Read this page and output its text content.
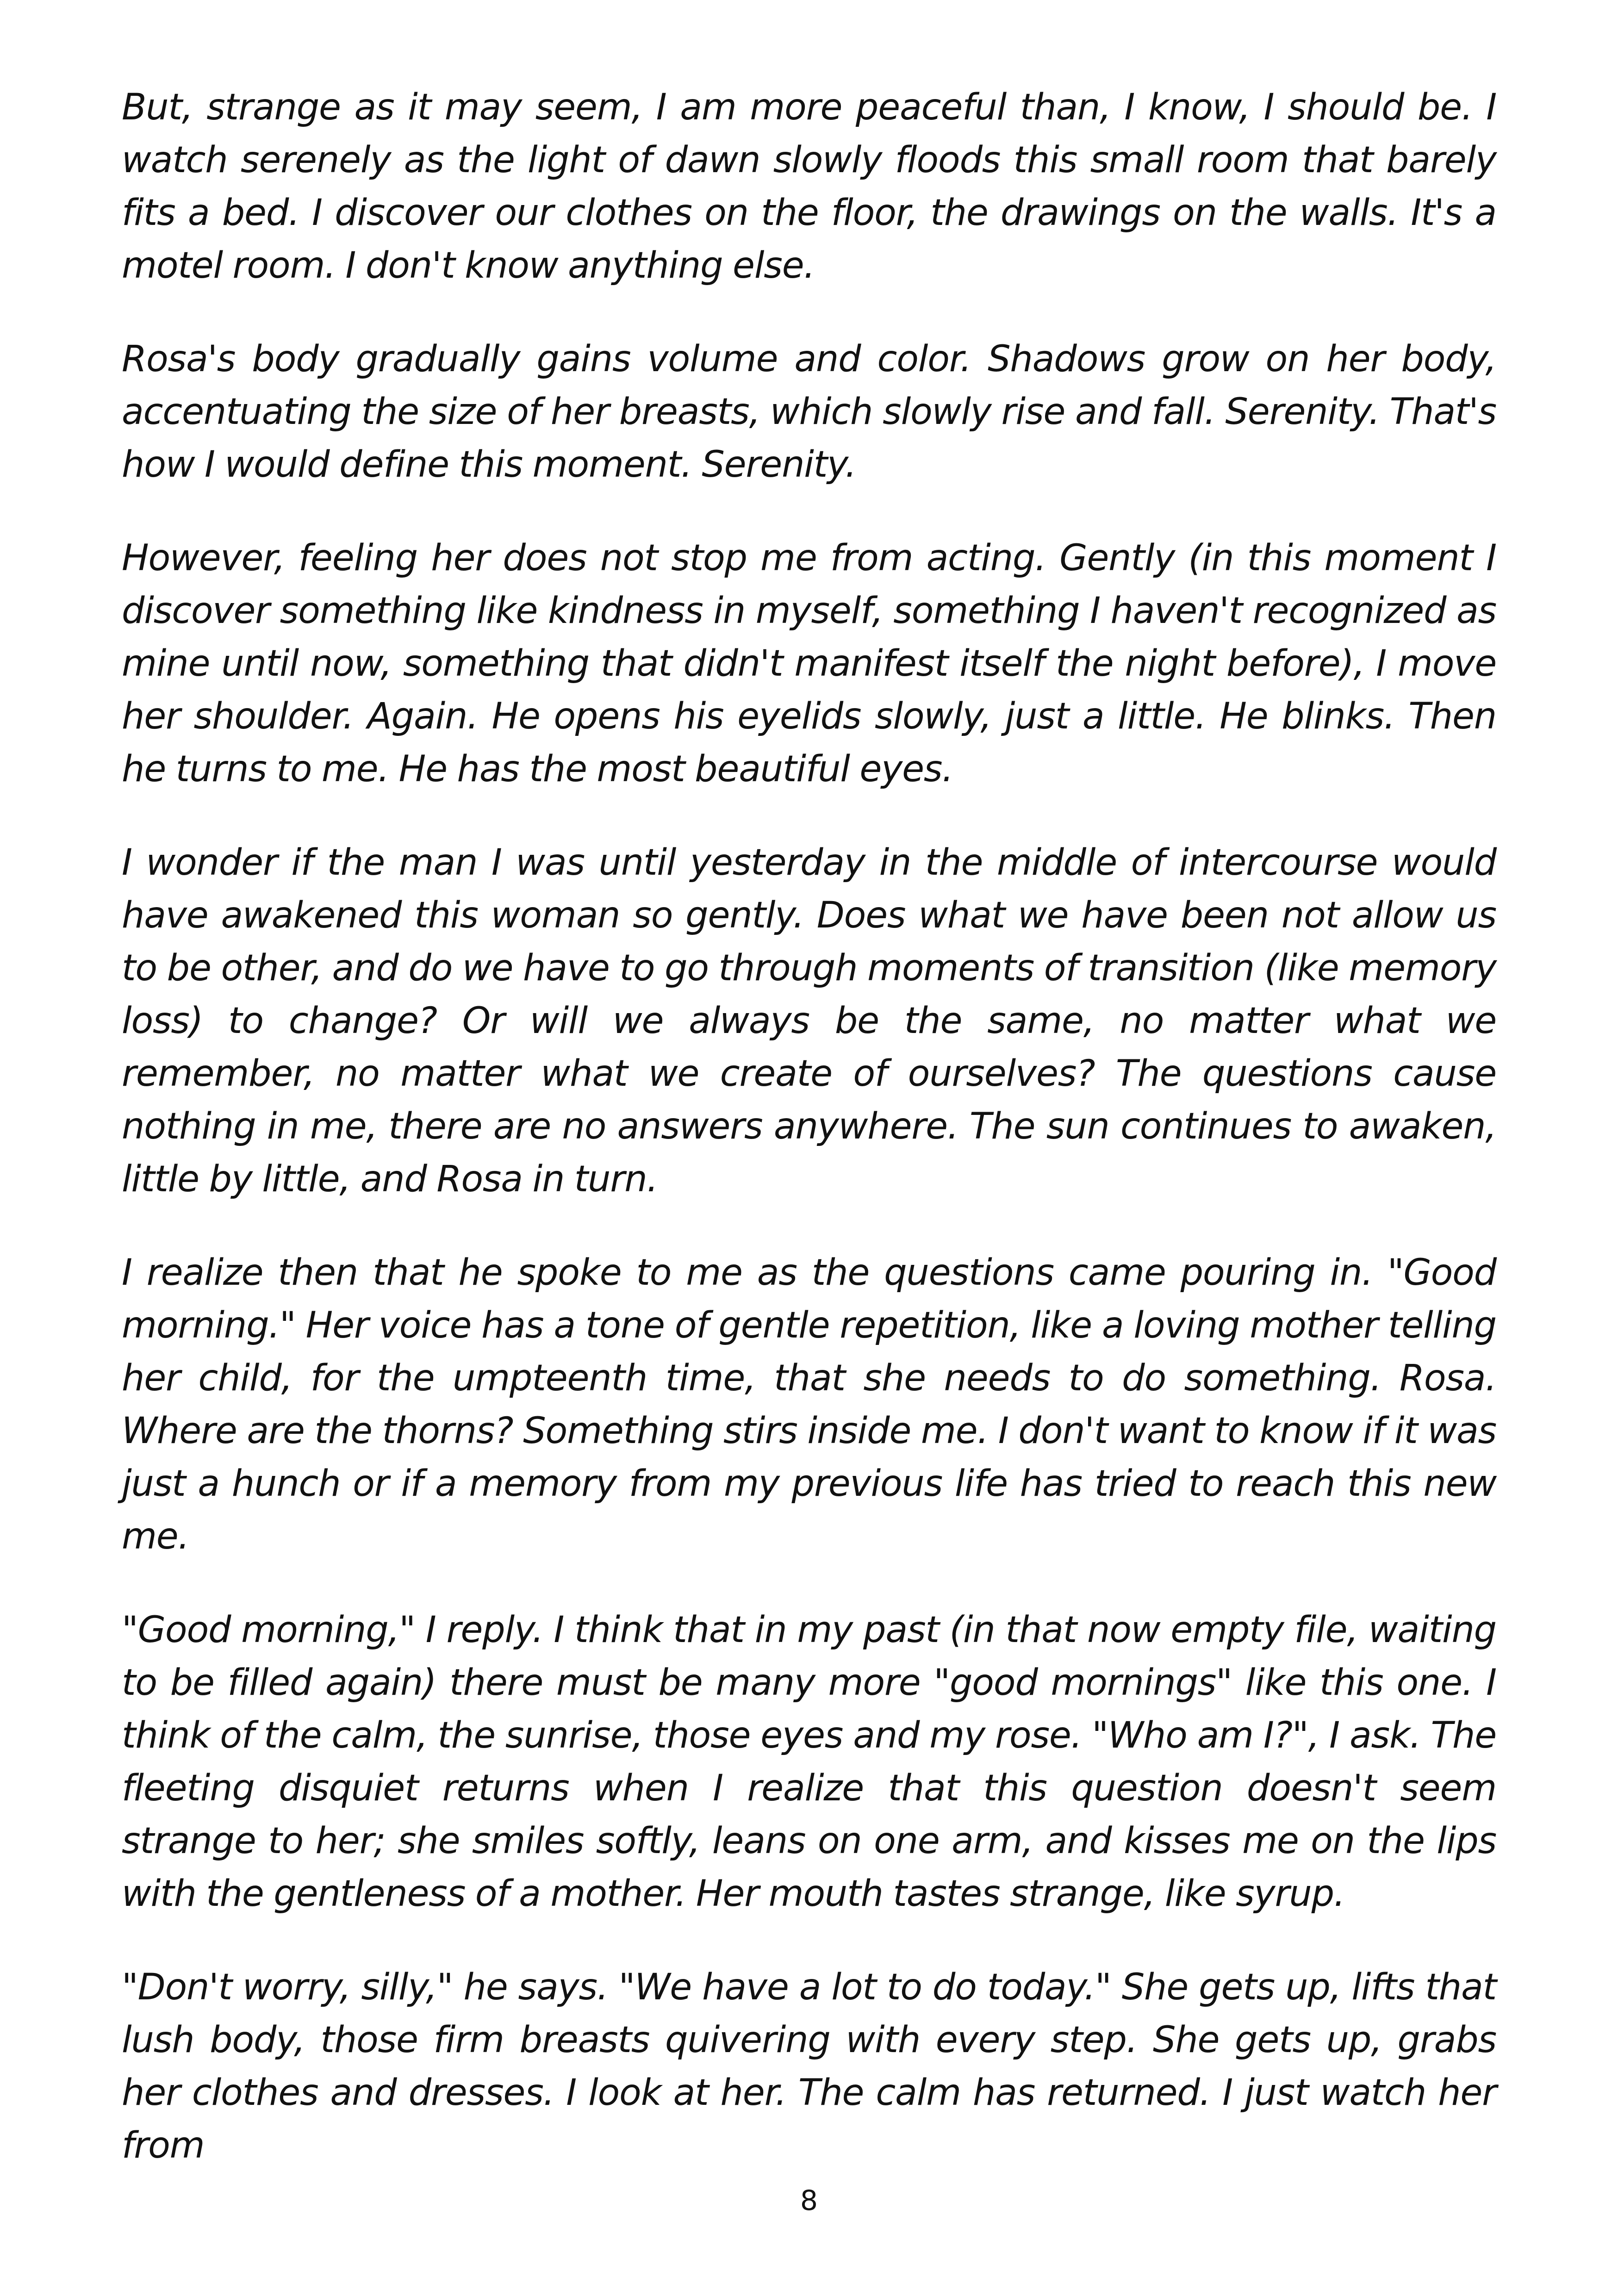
But, strange as it may seem, I am more peaceful than, I know, I should be. I watch serenely as the light of dawn slowly floods this small room that barely fits a bed. I discover our clothes on the floor, the drawings on the walls. It's a motel room. I don't know anything else.

Rosa's body gradually gains volume and color. Shadows grow on her body, accentuating the size of her breasts, which slowly rise and fall. Serenity. That's how I would define this moment. Serenity.

However, feeling her does not stop me from acting. Gently (in this moment I discover something like kindness in myself, something I haven't recognized as mine until now, something that didn't manifest itself the night before), I move her shoulder. Again. He opens his eyelids slowly, just a little. He blinks. Then he turns to me. He has the most beautiful eyes.

I wonder if the man I was until yesterday in the middle of intercourse would have awakened this woman so gently. Does what we have been not allow us to be other, and do we have to go through moments of transition (like memory loss) to change? Or will we always be the same, no matter what we remember, no matter what we create of ourselves? The questions cause nothing in me, there are no answers anywhere. The sun continues to awaken, little by little, and Rosa in turn.

I realize then that he spoke to me as the questions came pouring in. "Good morning." Her voice has a tone of gentle repetition, like a loving mother telling her child, for the umpteenth time, that she needs to do something. Rosa. Where are the thorns? Something stirs inside me. I don't want to know if it was just a hunch or if a memory from my previous life has tried to reach this new me.

"Good morning," I reply. I think that in my past (in that now empty file, waiting to be filled again) there must be many more "good mornings" like this one. I think of the calm, the sunrise, those eyes and my rose. "Who am I?", I ask. The fleeting disquiet returns when I realize that this question doesn't seem strange to her; she smiles softly, leans on one arm, and kisses me on the lips with the gentleness of a mother. Her mouth tastes strange, like syrup.

"Don't worry, silly," he says. "We have a lot to do today." She gets up, lifts that lush body, those firm breasts quivering with every step. She gets up, grabs her clothes and dresses. I look at her. The calm has returned. I just watch her from

8
